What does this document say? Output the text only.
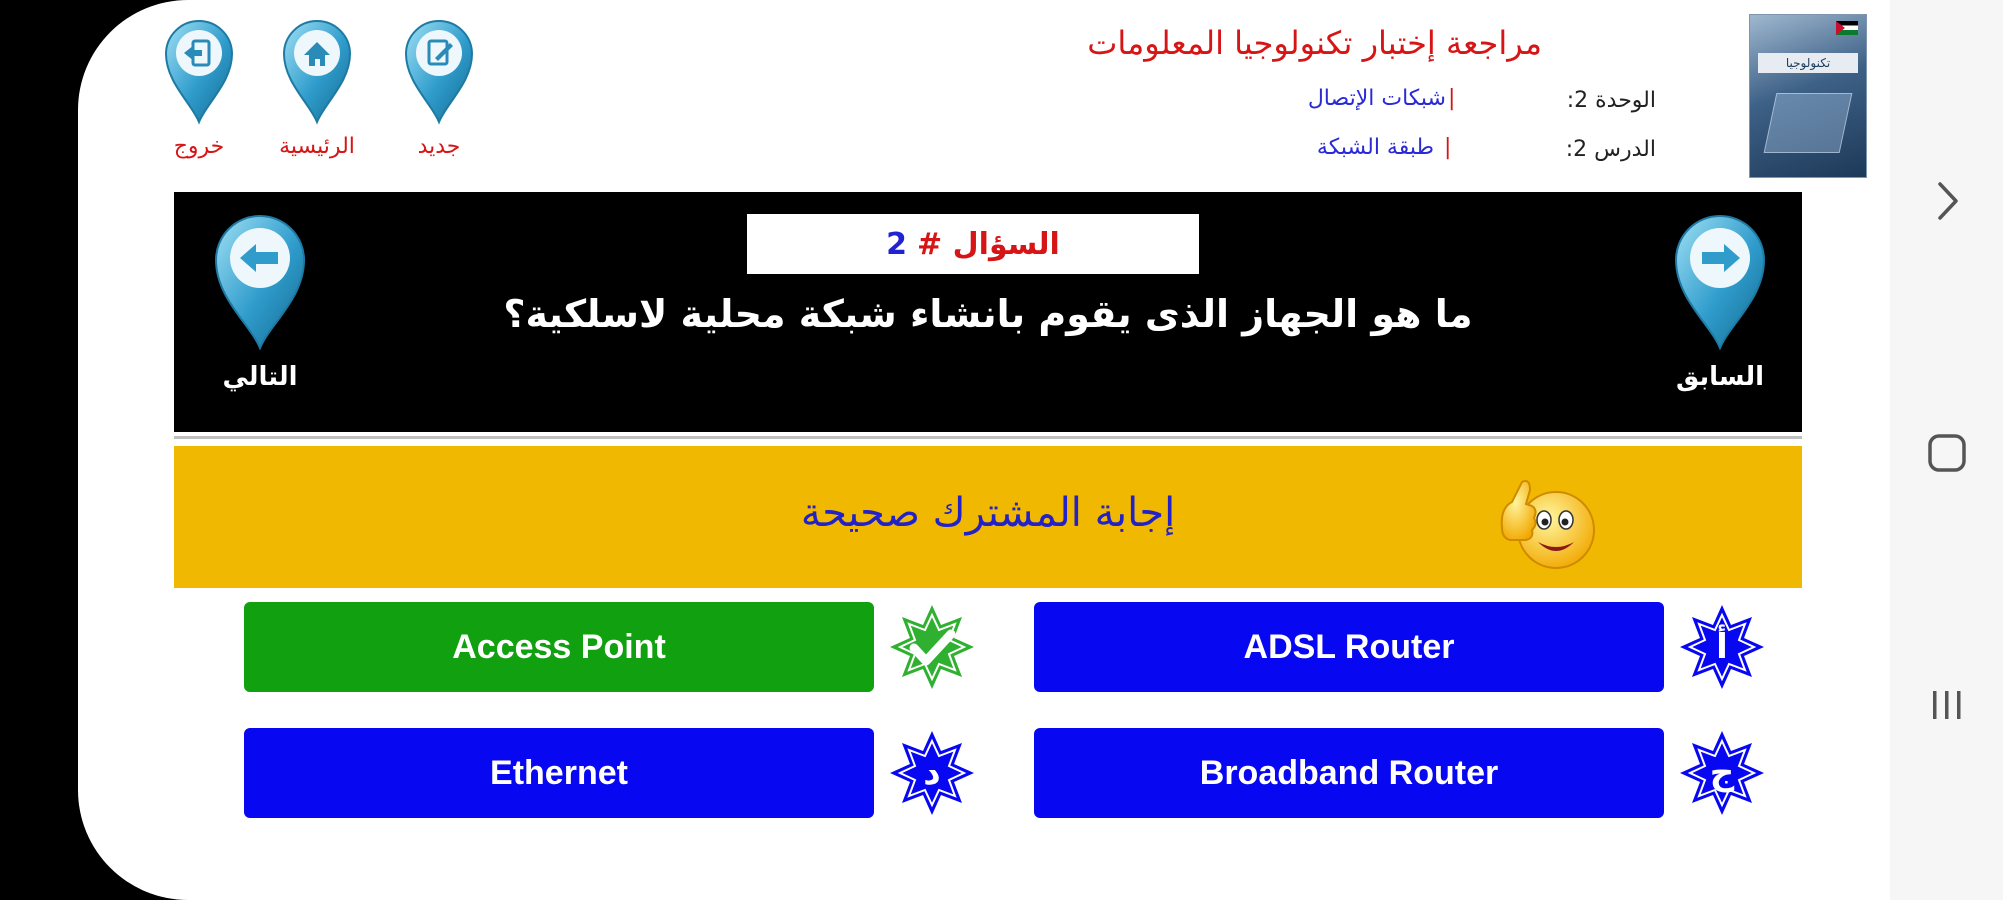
تكنولوجيا
مراجعة إختبار تكنولوجيا المعلومات
الوحدة 2:
|
شبكات الإتصال
الدرس 2:
|
طبقة الشبكة
جديد
الرئيسية
خروج
السؤال #
2
ما هو الجهاز الذى يقوم بانشاء شبكة محلية لاسلكية؟
التالي	السابق
إجابة المشترك صحيحة
ADSL Router	أ
Access Point
Broadband Router	ج
Ethernet	د
